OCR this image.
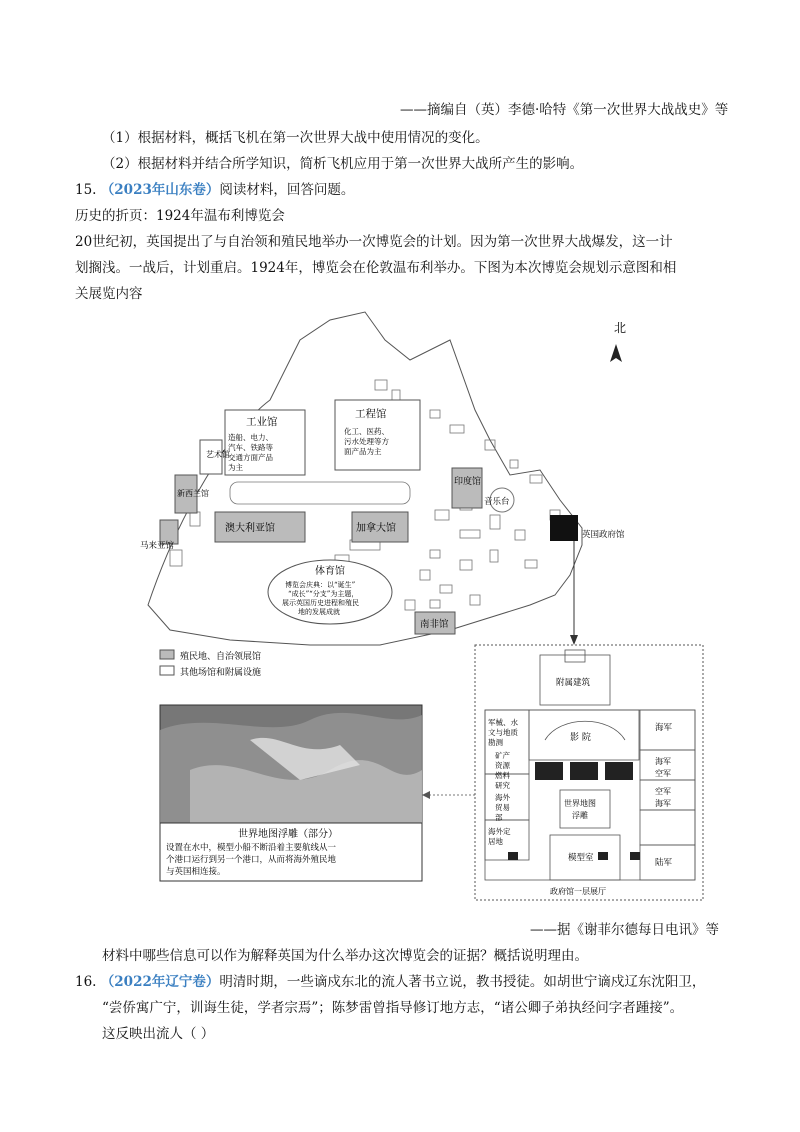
——摘编自（英）李德·哈特《第一次世界大战战史》等
（1）根据材料，概括飞机在第一次世界大战中使用情况的变化。
（2）根据材料并结合所学知识，简析飞机应用于第一次世界大战所产生的影响。
15. （2023年山东卷）阅读材料，回答问题。
历史的折页：1924年温布利博览会
20世纪初，英国提出了与自治领和殖民地举办一次博览会的计划。因为第一次世界大战爆发，这一计
划搁浅。一战后，计划重启。1924年，博览会在伦敦温布利举办。下图为本次博览会规划示意图和相
关展览内容
北
工业馆
造船、电力、
汽车、铁路等
交通方面产品
为主
工程馆
化工、医药、
污水处理等方
面产品为主
艺术馆
新西兰馆
印度馆
音乐台
马来亚馆
澳大利亚馆	加拿大馆
南非馆
英国政府馆
体育馆
博览会庆典：以“诞生”
“成长”“分支”为主题，
展示英国历史进程和殖民
地的发展成就
殖民地、自治领展馆
其他场馆和附属设施
世界地图浮雕（部分）
设置在水中，模型小船不断沿着主要航线从一
个港口运行到另一个港口，从而将海外殖民地
与英国相连接。
附属建筑
军械、水
文与地质
勘测
矿产
资源
燃料
研究
影 院
海军
海外
贸易
部
世界地图
浮雕
海军
空军
空军
海军
海外定
居地
模型室	陆军
政府馆一层展厅
——据《谢菲尔德每日电讯》等
材料中哪些信息可以作为解释英国为什么举办这次博览会的证据？概括说明理由。
16. （2022年辽宁卷）明清时期，一些谪戍东北的流人著书立说，教书授徒。如胡世宁谪戍辽东沈阳卫，
“尝侨寓广宁，训诲生徒，学者宗焉”；陈梦雷曾指导修订地方志，“诸公卿子弟执经问字者踵接”。
这反映出流人（ ）
